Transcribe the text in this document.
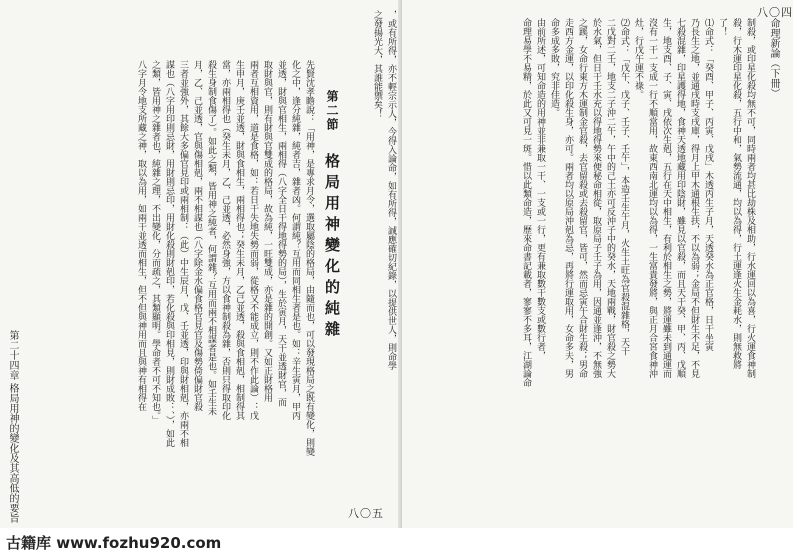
，或有所得，亦不輕宗示人，今得入論命，如有所得，誠應確切紀錄，以提供世人，則命學
之發揚光大，其誰能禦矣！

第二節　格局用神變化的純雜

先賢沈孝瞻說：「用神，是專求月令，選取屬陰的格局，由隨而也，可以發現格局之既有變化，則變
化之中，逢分純雜，純者吉，雜者凶。何謂純？互用而同相生者是也。如：辛生寅月，甲丙
並透，財與官相生，兩相得（八字全日干得地得勢的局），生於寅月，天干並透財官，而
取財與官，則有財與官雙成的格局，故為純，一旺雙成，亦是雜的開創。又如正財格用
兩者互相資用，道是食格，如：若日干失地失勢而弱，從格又不能成立，則不作此論）：戊
生申月，庚壬並透，財與食相生，兩相得也；癸生未月，乙己並透，殺與食相剋，相制得其
當，亦兩相得也（癸生未月，乙、己並透，必然身強，方以食神制殺為雜，否則只得取印化
殺生身制食傷了）。如此之類，皆用神之純者，何謂雜？互用而兩不相謀者是也。如壬生未
月，乙、己並透，官與傷相剋，兩不相謀也（八字除金水偏食格官見官及傷勢倚偏財官殺
三者並強外，其餘大多偏官見印或兩相制：（此）中生辰月，戊、壬並透，印與財相剋，亦兩不相
謀也（八字用印則忌財，用財則忌印，用財化殺則財剋印，若化殺與印相見，則財成敗：、），如此
之類，皆用神之雜者也，純雜之理，不出變化，分而疏之，其類顯明。學命者不可不知也。」
八字月令地支所藏之神，取以為用，如兩干並透而相生，但不但與神用而且與神有相得在

第二十四章 格局用神的變化及其高低的要旨	八〇五
命理新論（下冊）
八〇四

制殺，或印星化殺均無不可，同時兩者均甚比劫株及相助，行水運回以為喜，行火運食神制
殺，行木運印星化殺，五行中和，氣勢流通，均以為得，行土運逢火生金耗水，則無救將
了！
⑴命式：「癸酉、甲子、丙寅、戊戌」木透丙生子月，天透癸水為正官格，日干坐寅
乃長生之地，並通戌時支戌庫，得月上甲木通根生扶，不以為弱；金局不但財生不足，不見
七殺混雜，印星護得地，食神天透地藏用印陰財，雖見以官殺，而且天干癸、甲、丙、戊順
生，地支酉、子、寅、戌依次生剋，五行在天中相生，有利於相生之勢，將運雖未到通運而
沒有一干一支成一行不順當用，故東西南北運均以為得，一生富貴發將，與正月合宮食神沖
灶，行戊午運不祿。
⑵命式：「戊午、戊子、壬子、壬午」，本造壬生午月，火生土旺為官殺混雜格，天干
二戊對二壬，地支二子沖二午，午中的己土亦可反沖子中的癸水，天地兩戰，財官殺之勢大
於水氣，但日干壬水充以得地得勢來便秘命相從，取原局子壬子為用，因通並逢沖，不無強
之蹊，女命行東方木運制金官殺，去官留殺或去殺留官，皆可，然而忌寅午合財生殺；男命
走西方金運，以印化殺生身，亦可。兩者均以原局沖剋為忌，再將行運取用，女命多夫，男
命多成多敗，究非佳造。
由前所述，可知命造的用神並非兼取一干、一支或一行，更有兼取數干數支或數行者，
命理易學不易精，於此又可見一斑。惜以此類命造，歷來命書記載者，寥寥不多耳，江湖論命

古籍库 www.fozhu920.com
